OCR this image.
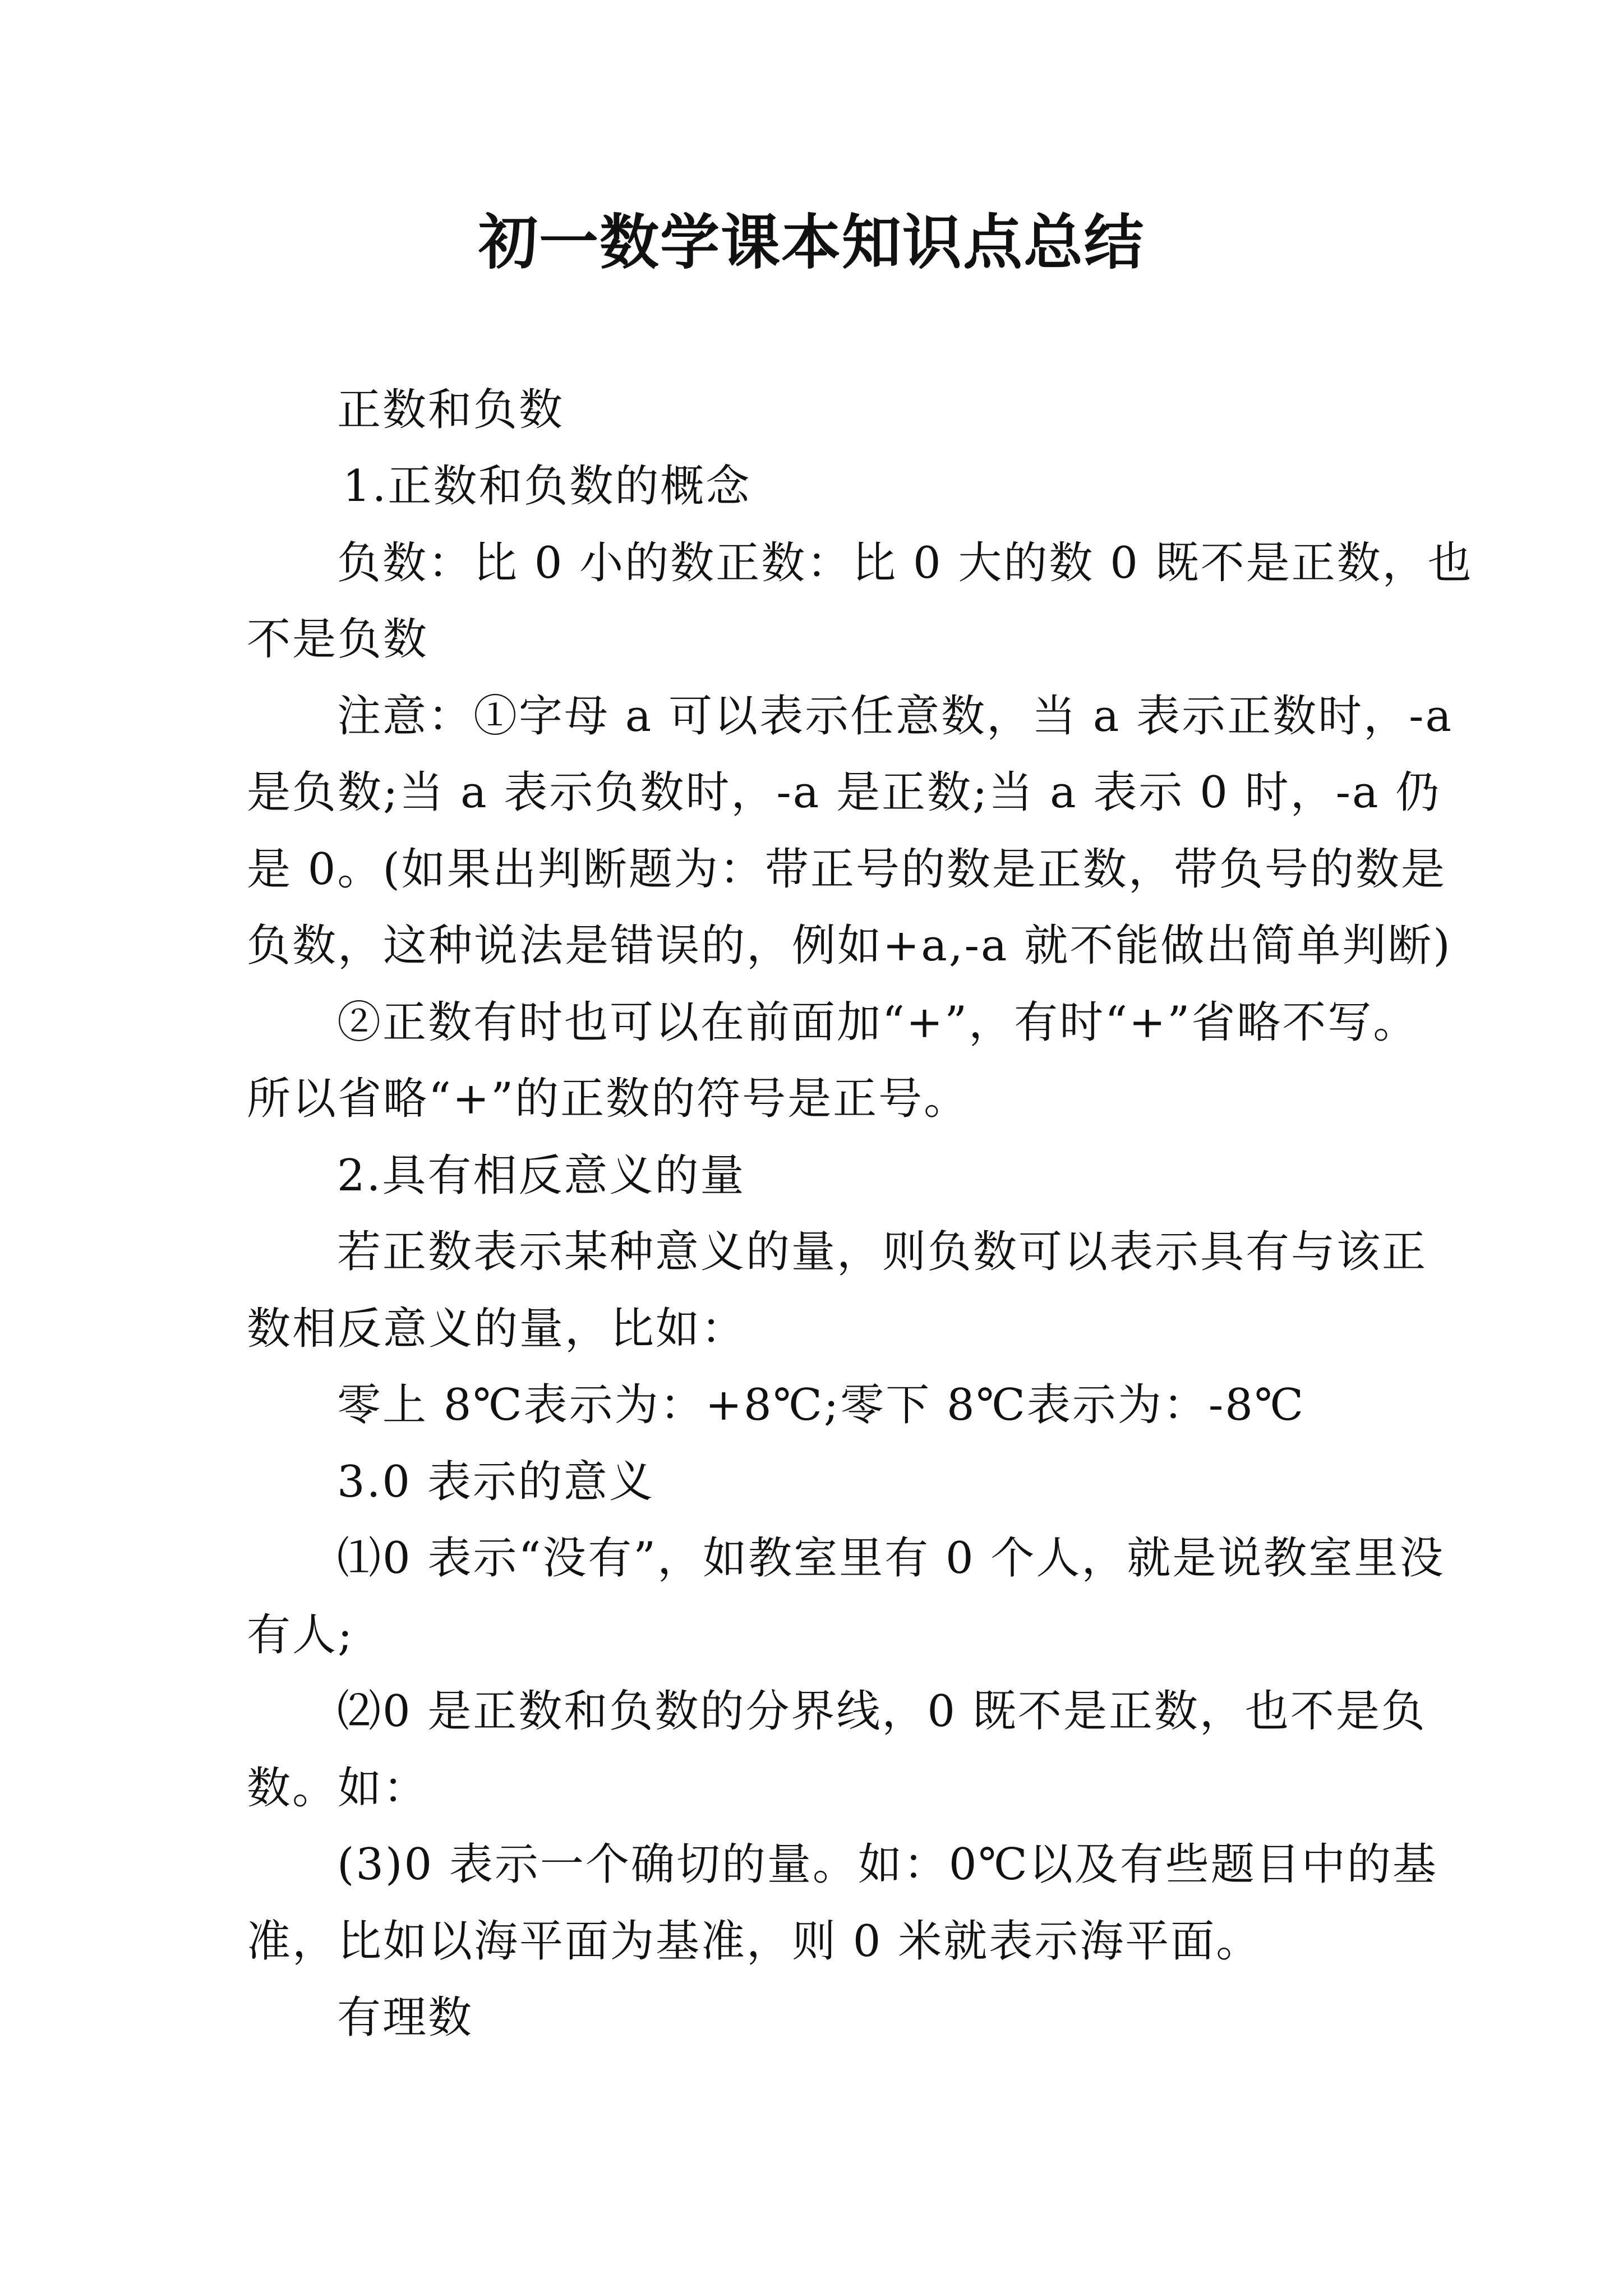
初一数学课本知识点总结
正数和负数
1.正数和负数的概念
负数：比 0 小的数正数：比 0 大的数 0 既不是正数，也
不是负数
注意：①字母 a 可以表示任意数，当 a 表示正数时，-a
是负数;当 a 表示负数时，-a 是正数;当 a 表示 0 时，-a 仍
是 0。(如果出判断题为：带正号的数是正数，带负号的数是
负数，这种说法是错误的，例如+a,-a 就不能做出简单判断)
②正数有时也可以在前面加“+”，有时“+”省略不写。
所以省略“+”的正数的符号是正号。
2.具有相反意义的量
若正数表示某种意义的量，则负数可以表示具有与该正
数相反意义的量，比如：
零上 8℃表示为：+8℃;零下 8℃表示为：-8℃
3.0 表示的意义
⑴0 表示“没有”，如教室里有 0 个人，就是说教室里没
有人;
⑵0 是正数和负数的分界线，0 既不是正数，也不是负
数。如：
(3)0 表示一个确切的量。如：0℃以及有些题目中的基
准，比如以海平面为基准，则 0 米就表示海平面。
有理数
